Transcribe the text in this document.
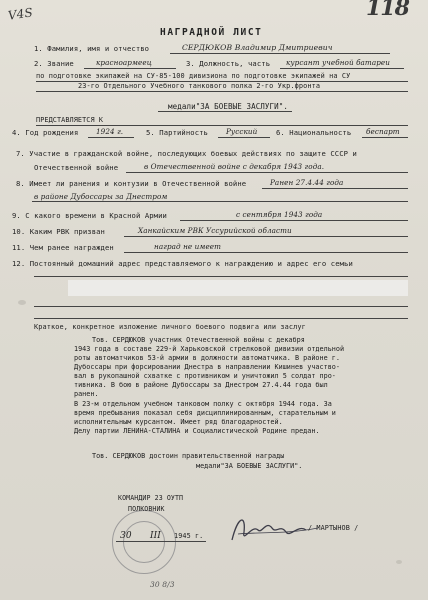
V4S	118
НАГРАДНОЙ ЛИСТ
1. Фамилия, имя и отчество	СЕРДЮКОВ Владимир Дмитриевич
2. Звание	красноармеец	3. Должность, часть курсант учебной батареи
по подготовке экипажей на СУ-85-100 дивизиона по подготовке экипажей на СУ
23-го Отдельного Учебного танкового полка 2-го Укр.фронта
медали"ЗА БОЕВЫЕ ЗАСЛУГИ".
ПРЕДСТАВЛЯЕТСЯ К
4. Год рождения 1924 г.	5. Партийность	Русский	6. Национальность беспарт
7. Участие в гражданской войне, последующих боевых действиях по защите СССР и
Отечественной войне	в Отечественной войне с декабря 1943 года.
8. Имеет ли ранения и контузии в Отечественной войне	Ранен 27.4.44 года
в районе Дубоссары за Днестром
9. С какого времени в Красной Армии	с сентября 1943 года
10. Каким РВК призван	Ханкайским РВК Уссурийской области
11. Чем ранее награжден	наград не имеет
12. Постоянный домашний адрес представляемого к награждению и адрес его семьи
Краткое, конкретное изложение личного боевого подвига или заслуг
Тов. СЕРДЮКОВ участник Отечественной войны с декабря
1943 года в составе 229-й Харьковской стрелковой дивизии отдельной
роты автоматчиков 53-й армии в должности автоматчика. В районе г.
Дубоссары при форсировании Днестра в направлении Кишинев участво-
вал в рукопашной схватке с противником и уничтожил 5 солдат про-
тивника. В бою в районе Дубоссары за Днестром 27.4.44 года был
ранен.
В 23-м отдельном учебном танковом полку с октября 1944 года. За
время пребывания показал себя дисциплинированным, старательным и
исполнительным курсантом. Имеет ряд благодарностей.
Делу партии ЛЕНИНА-СТАЛИНА и Социалистической Родине предан.
Тов. СЕРДЮКОВ достоин правительственной награды
медали"ЗА БОЕВЫЕ ЗАСЛУГИ".
КОМАНДИР 23 ОУТП
ПОЛКОВНИК
30 III 1945 г.
/ МАРТЫНОВ /
30 8/3
